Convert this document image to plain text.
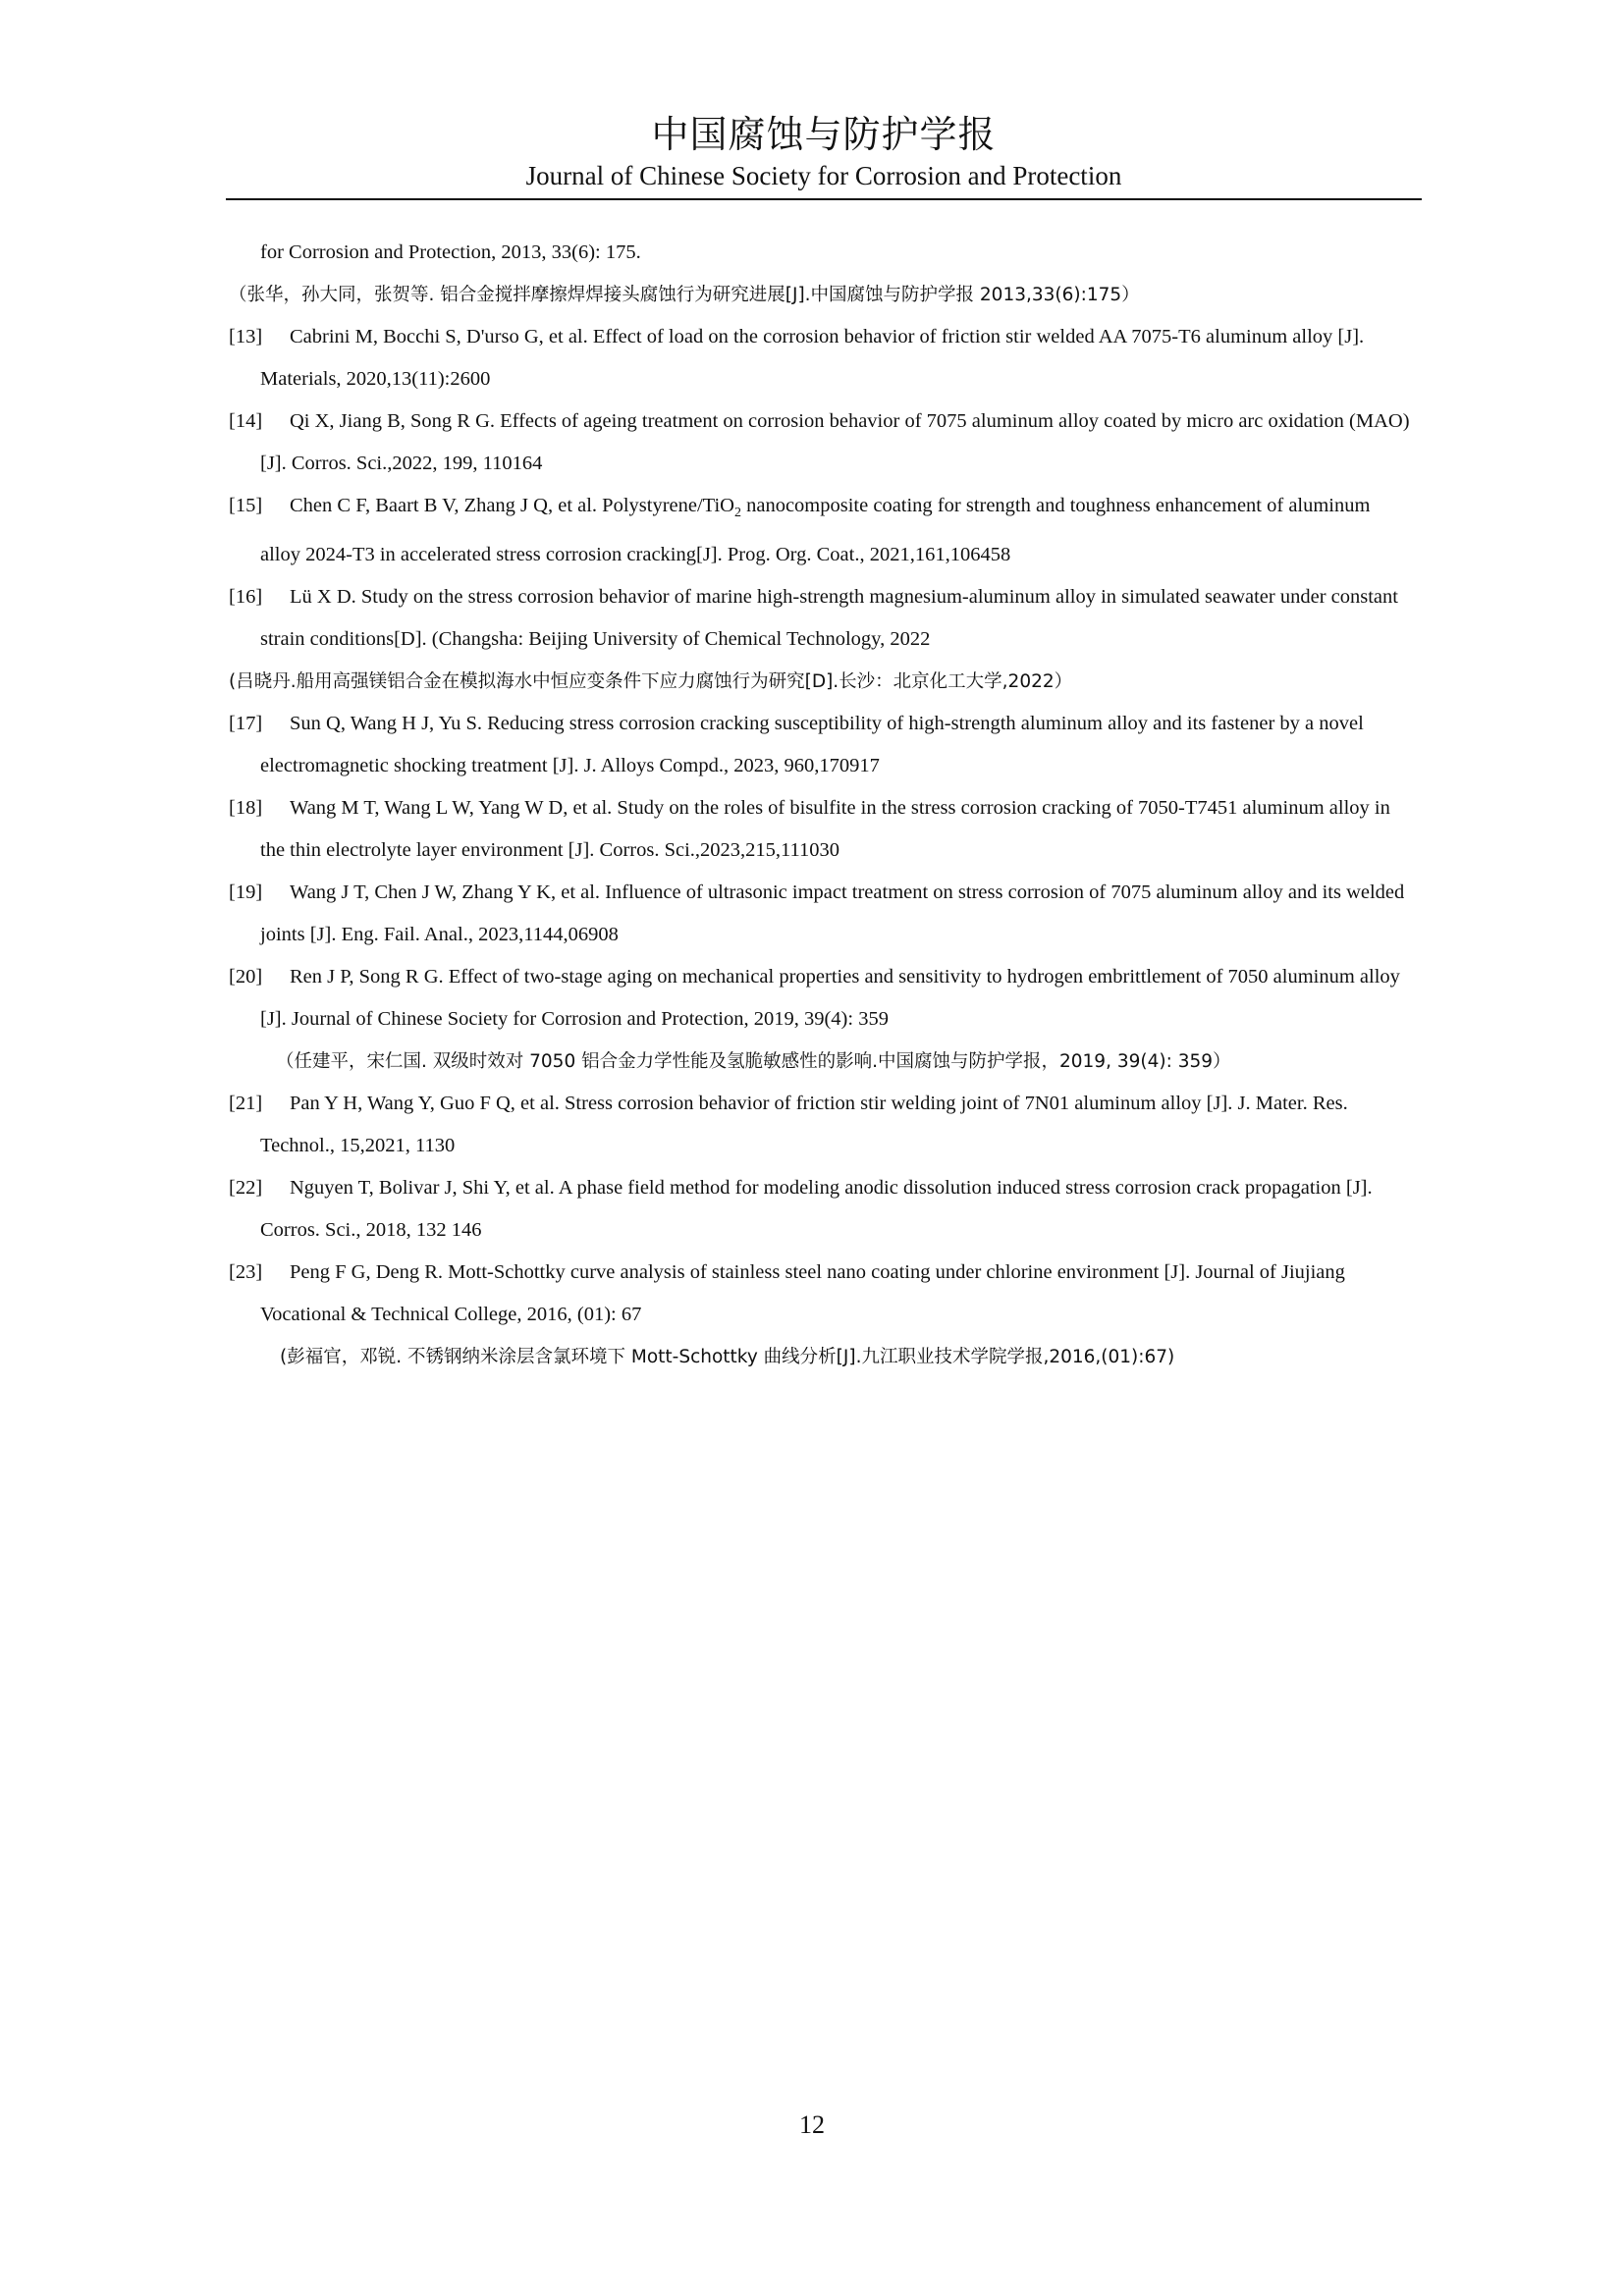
中国腐蚀与防护学报
Journal of Chinese Society for Corrosion and Protection
for Corrosion and Protection, 2013, 33(6): 175.
（张华，孙大同，张贺等. 铝合金搅拌摩擦焊焊接头腐蚀行为研究进展[J].中国腐蚀与防护学报 2013,33(6):175）
[13]	Cabrini M, Bocchi S, D'urso G, et al. Effect of load on the corrosion behavior of friction stir welded AA 7075-T6 aluminum alloy [J].
Materials, 2020,13(11):2600
[14]	Qi X, Jiang B, Song R G. Effects of ageing treatment on corrosion behavior of 7075 aluminum alloy coated by micro arc oxidation (MAO)
[J]. Corros. Sci.,2022, 199, 110164
[15]	Chen C F, Baart B V, Zhang J Q, et al. Polystyrene/TiO$_2$ nanocomposite coating for strength and toughness enhancement of aluminum
alloy 2024-T3 in accelerated stress corrosion cracking[J]. Prog. Org. Coat., 2021,161,106458
[16]	Lü X D. Study on the stress corrosion behavior of marine high-strength magnesium-aluminum alloy in simulated seawater under constant
strain conditions[D]. (Changsha: Beijing University of Chemical Technology, 2022
(吕晓丹.船用高强镁铝合金在模拟海水中恒应变条件下应力腐蚀行为研究[D].长沙：北京化工大学,2022）
[17]	Sun Q, Wang H J, Yu S. Reducing stress corrosion cracking susceptibility of high-strength aluminum alloy and its fastener by a novel
electromagnetic shocking treatment [J]. J. Alloys Compd., 2023, 960,170917
[18]	Wang M T, Wang L W, Yang W D, et al. Study on the roles of bisulfite in the stress corrosion cracking of 7050-T7451 aluminum alloy in
the thin electrolyte layer environment [J]. Corros. Sci.,2023,215,111030
[19]	Wang J T, Chen J W, Zhang Y K, et al. Influence of ultrasonic impact treatment on stress corrosion of 7075 aluminum alloy and its welded
joints [J]. Eng. Fail. Anal., 2023,1144,06908
[20]	Ren J P, Song R G. Effect of two-stage aging on mechanical properties and sensitivity to hydrogen embrittlement of 7050 aluminum alloy
[J]. Journal of Chinese Society for Corrosion and Protection, 2019, 39(4): 359
（任建平，宋仁国. 双级时效对 7050 铝合金力学性能及氢脆敏感性的影响.中国腐蚀与防护学报，2019, 39(4): 359）
[21]	Pan Y H, Wang Y, Guo F Q, et al. Stress corrosion behavior of friction stir welding joint of 7N01 aluminum alloy [J]. J. Mater. Res.
Technol., 15,2021, 1130
[22]	Nguyen T, Bolivar J, Shi Y, et al. A phase field method for modeling anodic dissolution induced stress corrosion crack propagation [J].
Corros. Sci., 2018, 132 146
[23]	Peng F G, Deng R. Mott-Schottky curve analysis of stainless steel nano coating under chlorine environment [J]. Journal of Jiujiang
Vocational & Technical College, 2016, (01): 67
(彭福官，邓锐. 不锈钢纳米涂层含氯环境下 Mott-Schottky 曲线分析[J].九江职业技术学院学报,2016,(01):67)
12
